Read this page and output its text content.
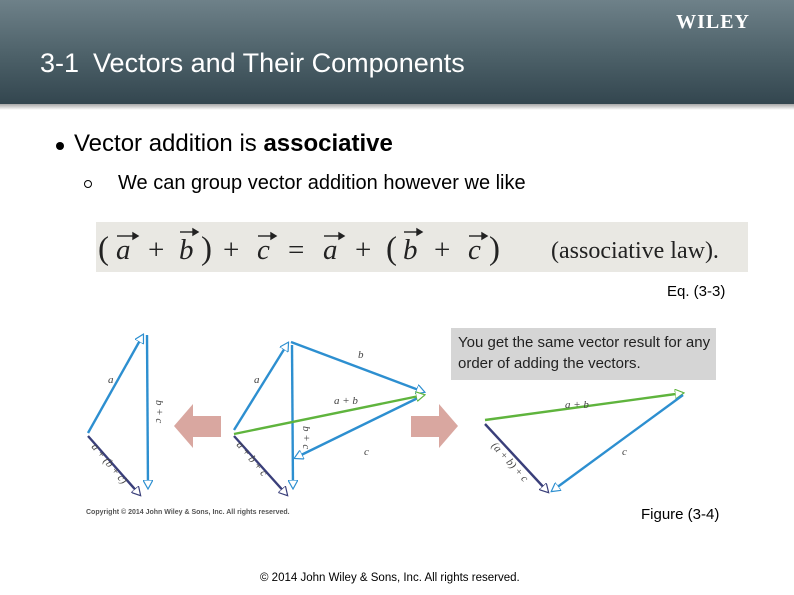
WILEY
3-1 Vectors and Their Components
Vector addition is associative
We can group vector addition however we like
( a + b ) + c = a + ( b + c ) (associative law).
Eq. (3-3)
You get the same vector result for any order of adding the vectors.
a
b + c
a + (b + c)
a
b
a + b
b + c
c
a + b + c
a + b
c
(a + b) + c
Copyright © 2014 John Wiley & Sons, Inc. All rights reserved.	Figure (3-4)
© 2014 John Wiley & Sons, Inc. All rights reserved.
